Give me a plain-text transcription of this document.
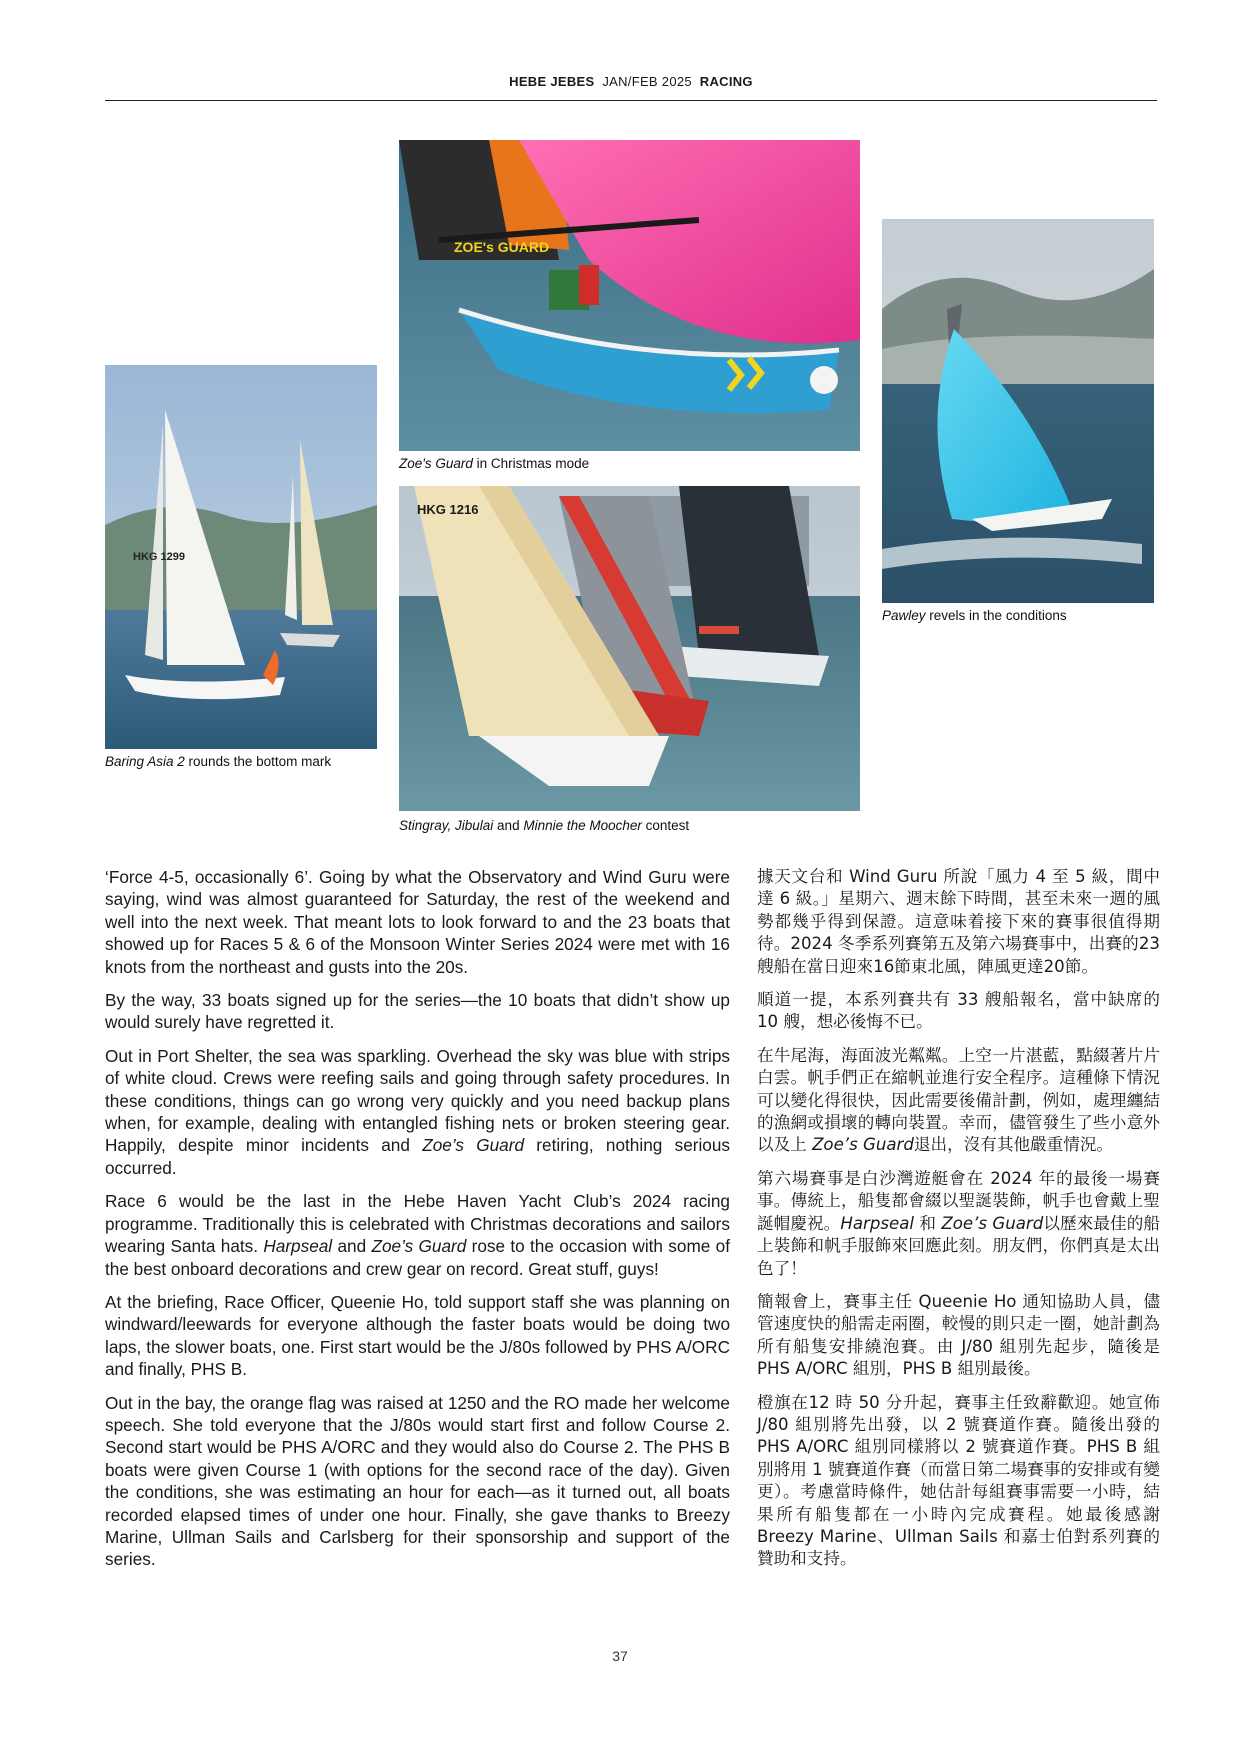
HEBE JEBES JAN/FEB 2025 RACING
HKG 1299
Baring Asia 2 rounds the bottom mark
ZOE's GUARD
Zoe's Guard in Christmas mode
HKG 1216
Stingray, Jibulai and Minnie the Moocher contest
Pawley revels in the conditions

‘Force 4-5, occasionally 6’. Going by what the Observatory and Wind Guru were saying, wind was almost guaranteed for Saturday, the rest of the weekend and well into the next week. That meant lots to look forward to and the 23 boats that showed up for Races 5 & 6 of the Monsoon Winter Series 2024 were met with 16 knots from the northeast and gusts into the 20s.

By the way, 33 boats signed up for the series—the 10 boats that didn’t show up would surely have regretted it.

Out in Port Shelter, the sea was sparkling. Overhead the sky was blue with strips of white cloud. Crews were reefing sails and going through safety procedures. In these conditions, things can go wrong very quickly and you need backup plans when, for example, dealing with entangled fishing nets or broken steering gear. Happily, despite minor incidents and Zoe’s Guard retiring, nothing serious occurred.

Race 6 would be the last in the Hebe Haven Yacht Club’s 2024 racing programme. Traditionally this is celebrated with Christmas decorations and sailors wearing Santa hats. Harpseal and Zoe’s Guard rose to the occasion with some of the best onboard decorations and crew gear on record. Great stuff, guys!

At the briefing, Race Officer, Queenie Ho, told support staff she was planning on windward/leewards for everyone although the faster boats would be doing two laps, the slower boats, one. First start would be the J/80s followed by PHS A/ORC and finally, PHS B.

Out in the bay, the orange flag was raised at 1250 and the RO made her welcome speech. She told everyone that the J/80s would start first and follow Course 2. Second start would be PHS A/ORC and they would also do Course 2. The PHS B boats were given Course 1 (with options for the second race of the day). Given the conditions, she was estimating an hour for each—as it turned out, all boats recorded elapsed times of under one hour. Finally, she gave thanks to Breezy Marine, Ullman Sails and Carlsberg for their sponsorship and support of the series.

據天文台和 Wind Guru 所說「風力 4 至 5 級，間中達 6 級。」星期六、週末餘下時間，甚至未來一週的風勢都幾乎得到保證。這意味着接下來的賽事很值得期待。2024 冬季系列賽第五及第六場賽事中，出賽的23艘船在當日迎來16節東北風，陣風更達20節。

順道一提，本系列賽共有 33 艘船報名，當中缺席的 10 艘，想必後悔不已。

在牛尾海，海面波光粼粼。上空一片湛藍，點綴著片片白雲。帆手們正在縮帆並進行安全程序。這種條下情況可以變化得很快，因此需要後備計劃，例如，處理纏結的漁網或損壞的轉向裝置。幸而，儘管發生了些小意外以及上 Zoe’s Guard退出，沒有其他嚴重情況。

第六場賽事是白沙灣遊艇會在 2024 年的最後一場賽事。傳統上，船隻都會綴以聖誕裝飾，帆手也會戴上聖誕帽慶祝。Harpseal 和 Zoe’s Guard以歷來最佳的船上裝飾和帆手服飾來回應此刻。朋友們，你們真是太出色了！

簡報會上，賽事主任 Queenie Ho 通知協助人員，儘管速度快的船需走兩圈，較慢的則只走一圈，她計劃為所有船隻安排繞泡賽。由 J/80 組別先起步，隨後是 PHS A/ORC 組別，PHS B 組別最後。

橙旗在12 時 50 分升起，賽事主任致辭歡迎。她宣佈 J/80 組別將先出發，以 2 號賽道作賽。隨後出發的 PHS A/ORC 組別同樣將以 2 號賽道作賽。PHS B 組別將用 1 號賽道作賽（而當日第二場賽事的安排或有變更）。考慮當時條件，她估計每組賽事需要一小時，結果所有船隻都在一小時內完成賽程。她最後感謝 Breezy Marine、Ullman Sails 和嘉士伯對系列賽的贊助和支持。

37
